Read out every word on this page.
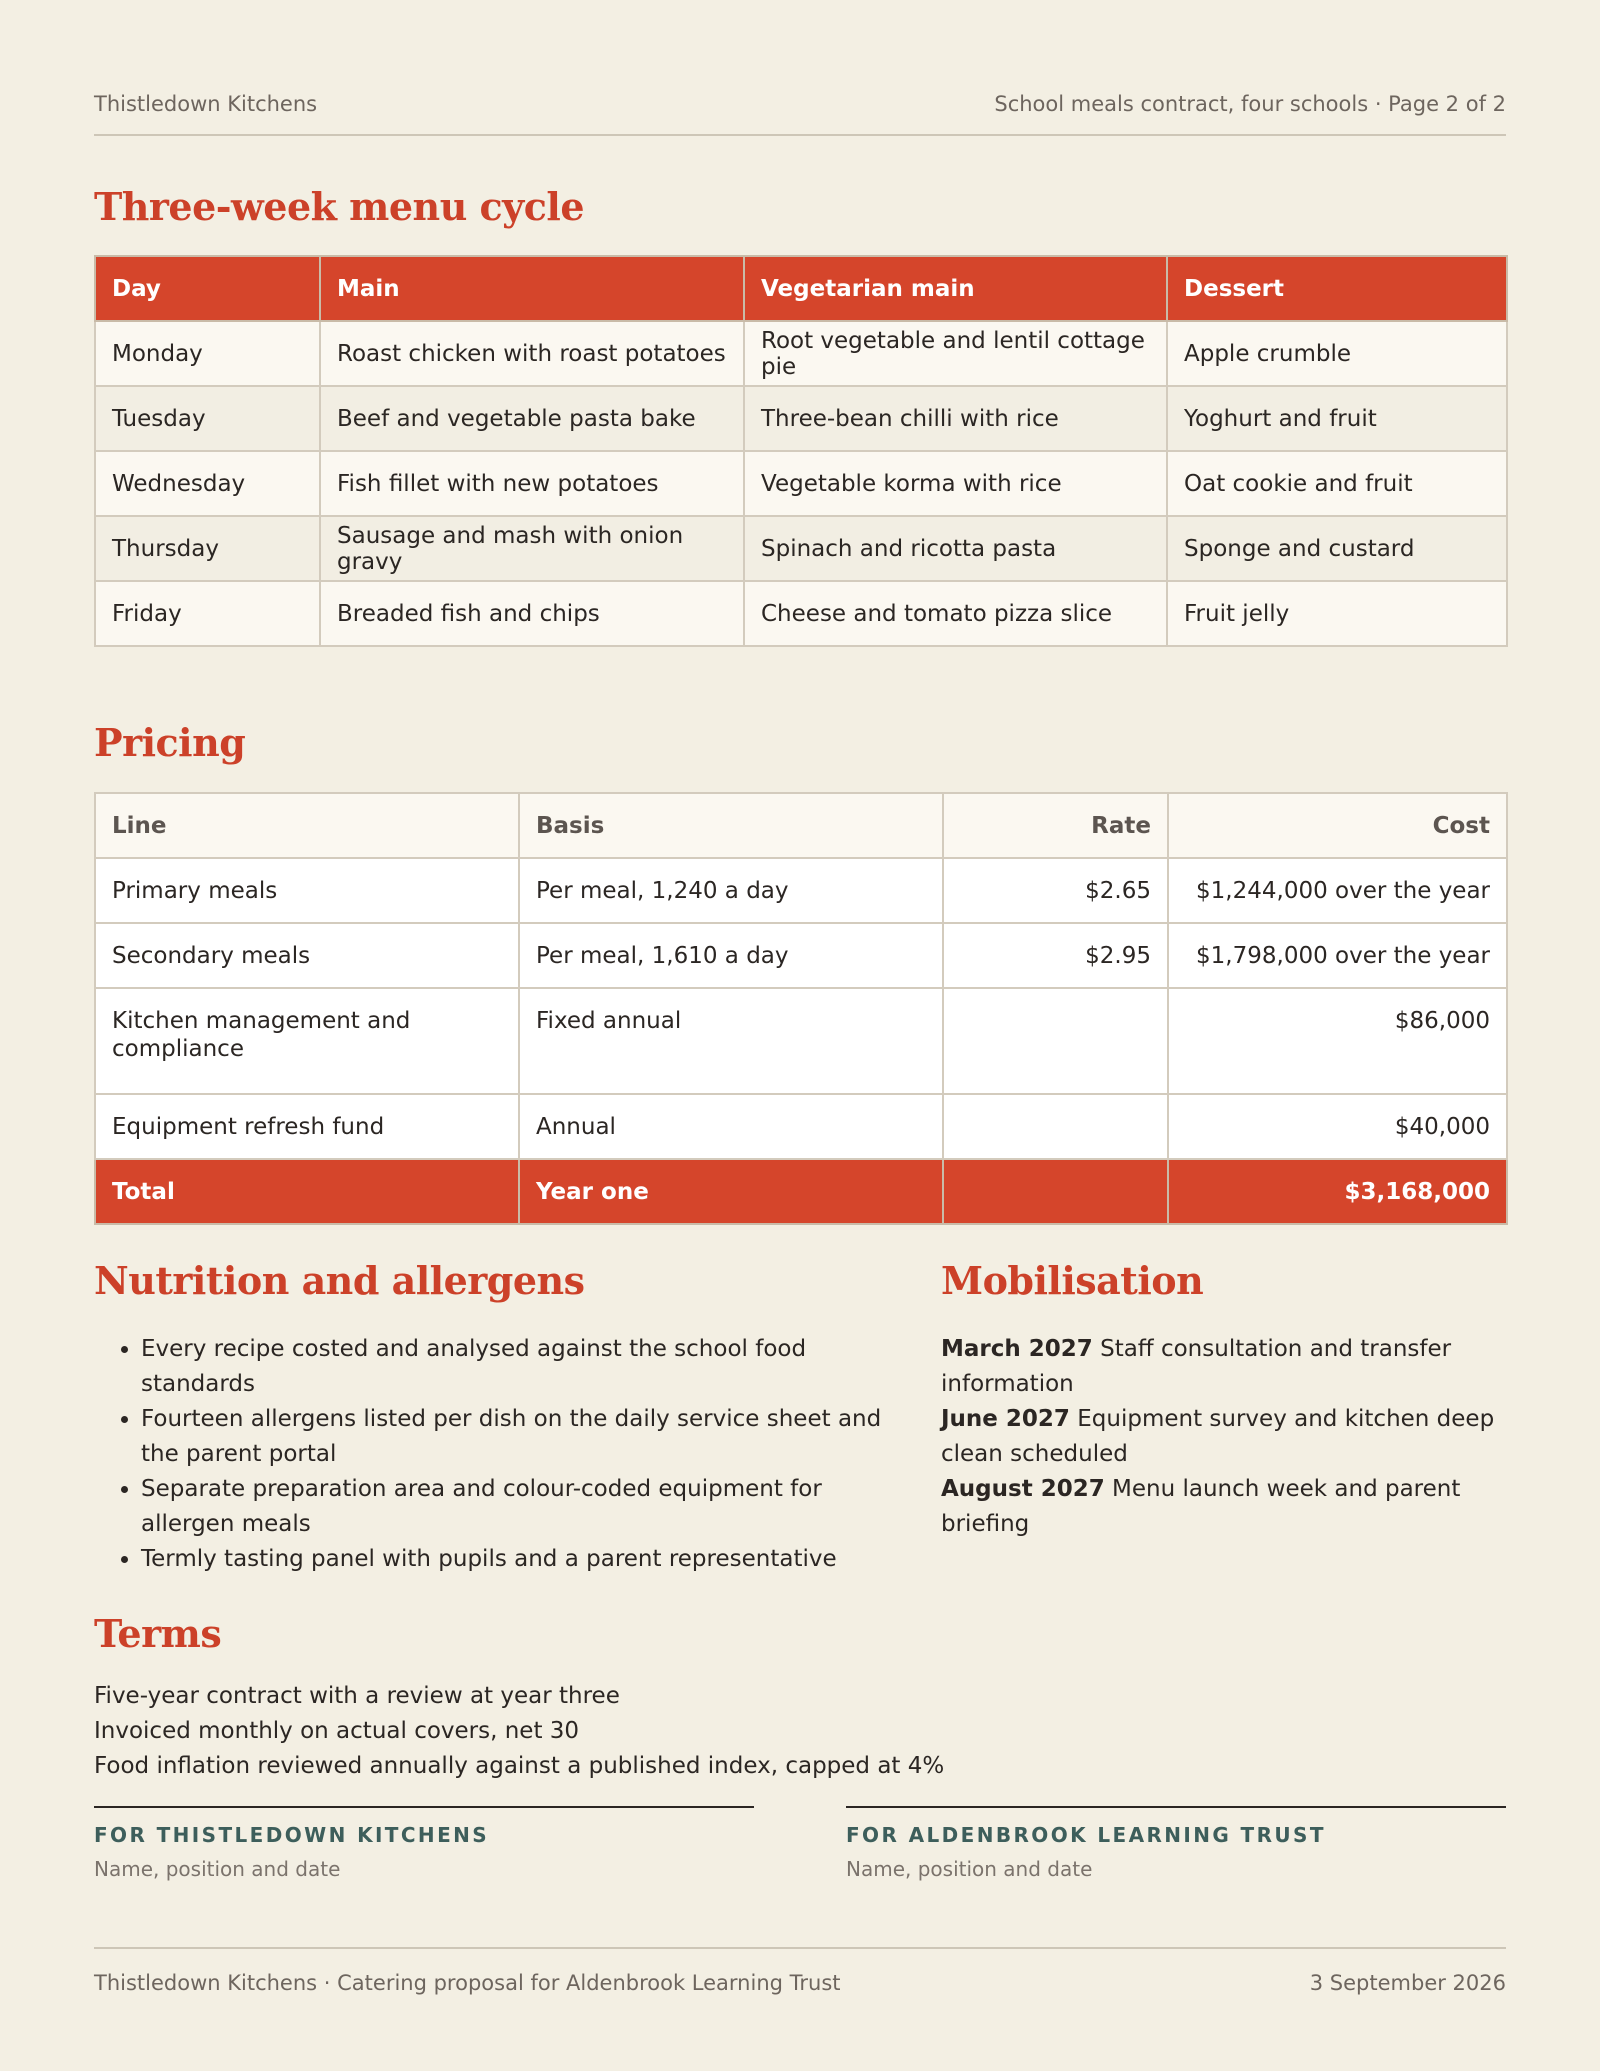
Thistledown Kitchens	School meals contract, four schools · Page 2 of 2
Three-week menu cycle
Day	Main	Vegetarian main	Dessert
Monday	Roast chicken with roast potatoes	Root vegetable and lentil cottage pie	Apple crumble
Tuesday	Beef and vegetable pasta bake	Three-bean chilli with rice	Yoghurt and fruit
Wednesday	Fish fillet with new potatoes	Vegetable korma with rice	Oat cookie and fruit
Thursday	Sausage and mash with onion gravy	Spinach and ricotta pasta	Sponge and custard
Friday	Breaded fish and chips	Cheese and tomato pizza slice	Fruit jelly
Pricing
Line	Basis	Rate	Cost
Primary meals	Per meal, 1,240 a day	$2.65	$1,244,000 over the year
Secondary meals	Per meal, 1,610 a day	$2.95	$1,798,000 over the year
Kitchen management and compliance	Fixed annual		$86,000
Equipment refresh fund	Annual		$40,000
Total	Year one		$3,168,000
Nutrition and allergens
• Every recipe costed and analysed against the school food standards
• Fourteen allergens listed per dish on the daily service sheet and the parent portal
• Separate preparation area and colour-coded equipment for allergen meals
• Termly tasting panel with pupils and a parent representative
Mobilisation
March 2027 Staff consultation and transfer information
June 2027 Equipment survey and kitchen deep clean scheduled
August 2027 Menu launch week and parent briefing
Terms
Five-year contract with a review at year three
Invoiced monthly on actual covers, net 30
Food inflation reviewed annually against a published index, capped at 4%
FOR THISTLEDOWN KITCHENS
Name, position and date
FOR ALDENBROOK LEARNING TRUST
Name, position and date
Thistledown Kitchens · Catering proposal for Aldenbrook Learning Trust	3 September 2026
